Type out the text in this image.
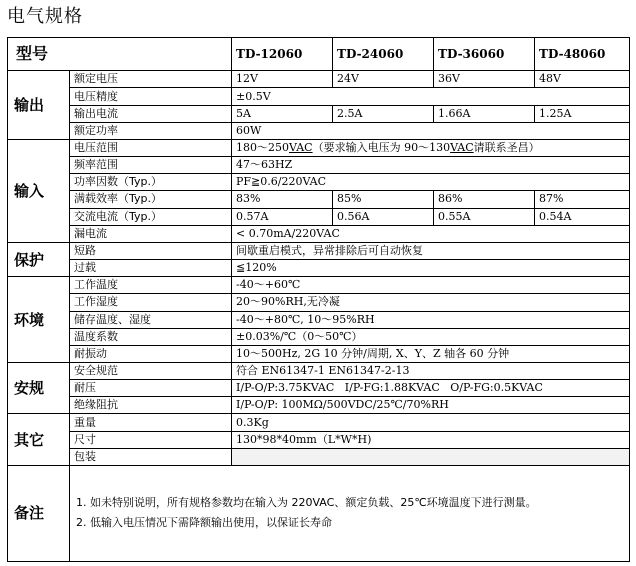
电气规格
型号		TD-12060	TD-24060	TD-36060	TD-48060
输出	额定电压	12V	24V	36V	48V
	电压精度	±0.5V			
	输出电流	5A	2.5A	1.66A	1.25A
	额定功率	60W			
输入	电压范围	180～250VAC（要求输入电压为 90～130VAC请联系圣昌）			
	频率范围	47～63HZ			
	功率因数（Typ.）	PF≧0.6/220VAC			
	满载效率（Typ.）	83%	85%	86%	87%
	交流电流（Typ.）	0.57A	0.56A	0.55A	0.54A
	漏电流	< 0.70mA/220VAC			
保护	短路	间歇重启模式，异常排除后可自动恢复			
	过载	≦120%			
环境	工作温度	-40～+60℃			
	工作湿度	20～90%RH,无冷凝			
	储存温度、湿度	-40～+80℃, 10～95%RH			
	温度系数	±0.03%/℃（0～50℃）			
	耐振动	10～500Hz, 2G 10 分钟/周期, X、Y、Z 轴各 60 分钟			
安规	安全规范	符合 EN61347-1 EN61347-2-13			
	耐压	I/P-O/P:3.75KVAC   I/P-FG:1.88KVAC   O/P-FG:0.5KVAC			
	绝缘阻抗	I/P-O/P: 100MΩ/500VDC/25℃/70%RH			
其它	重量	0.3Kg			
	尺寸	130*98*40mm（L*W*H)			
	包装				
备注	1. 如未特别说明，所有规格参数均在输入为 220VAC、额定负载、25℃环境温度下进行测量。
2. 低输入电压情况下需降额输出使用，以保证长寿命				
